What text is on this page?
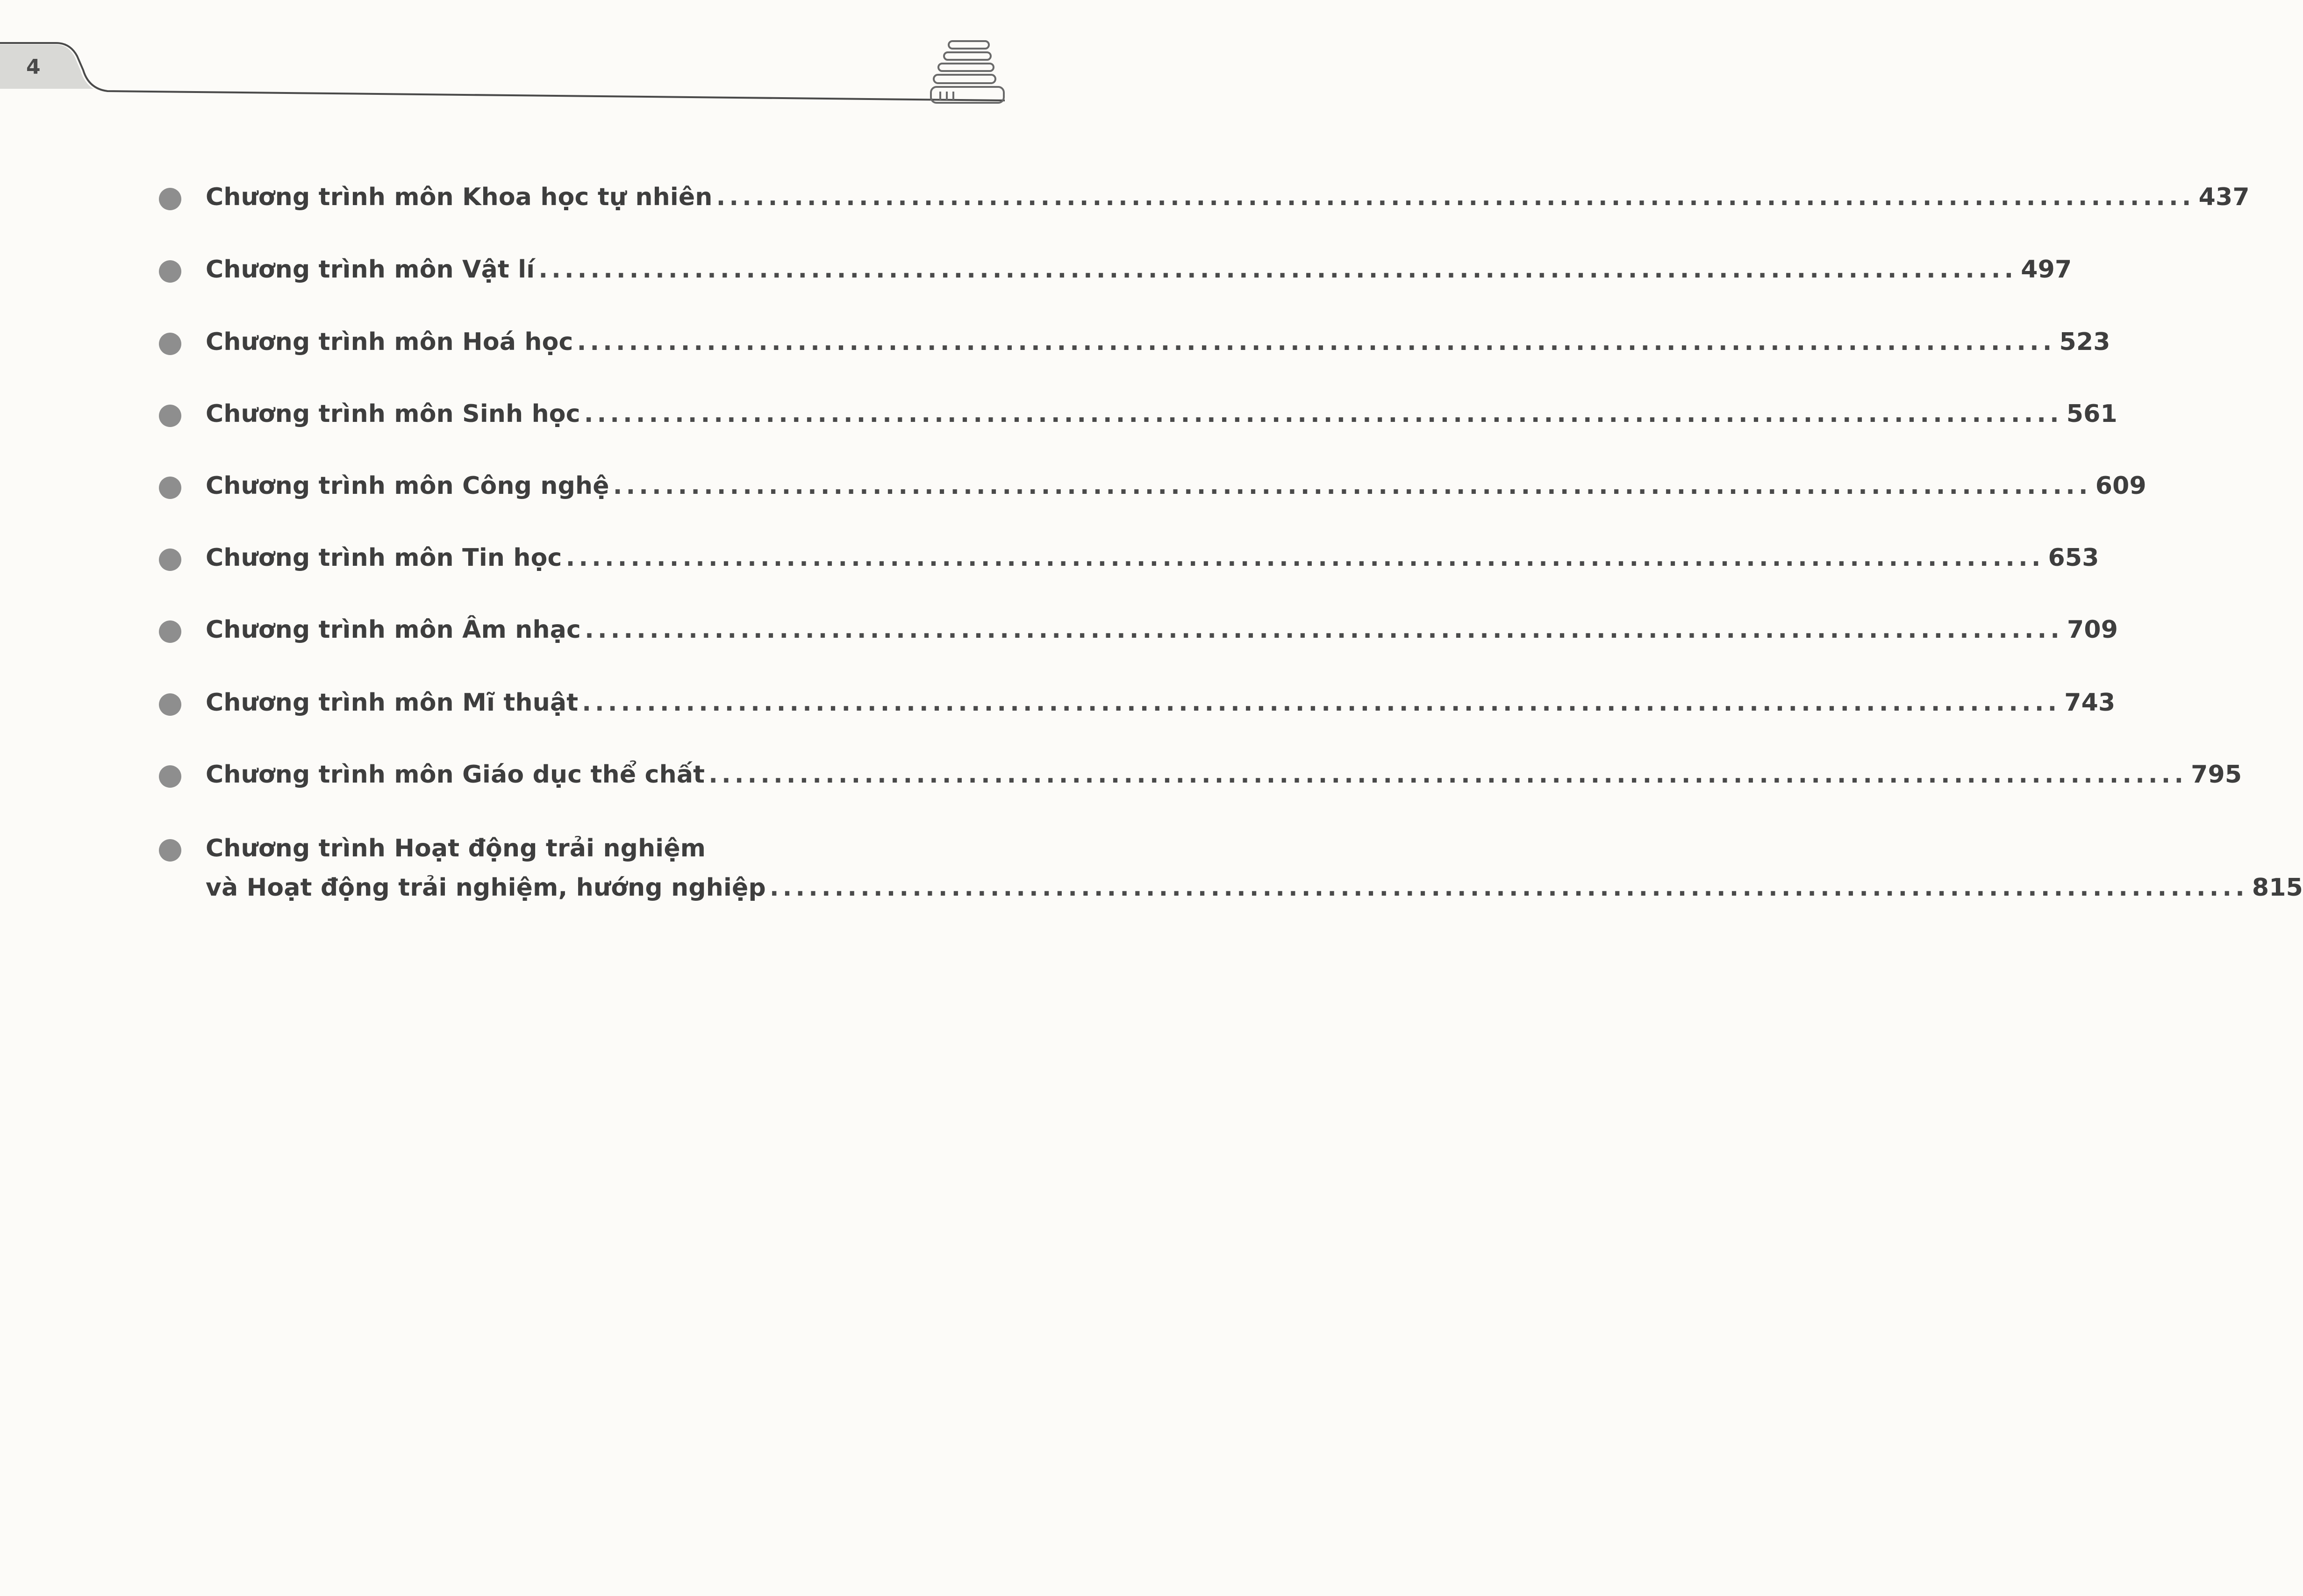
4
Chương trình môn Khoa học tự nhiên .................................................................................................................. 437
Chương trình môn Vật lí .................................................................................................................. 497
Chương trình môn Hoá học .................................................................................................................. 523
Chương trình môn Sinh học .................................................................................................................. 561
Chương trình môn Công nghệ .................................................................................................................. 609
Chương trình môn Tin học .................................................................................................................. 653
Chương trình môn Âm nhạc .................................................................................................................. 709
Chương trình môn Mĩ thuật .................................................................................................................. 743
Chương trình môn Giáo dục thể chất .................................................................................................................. 795
Chương trình Hoạt động trải nghiệm
và Hoạt động trải nghiệm, hướng nghiệp .................................................................................................................. 815
